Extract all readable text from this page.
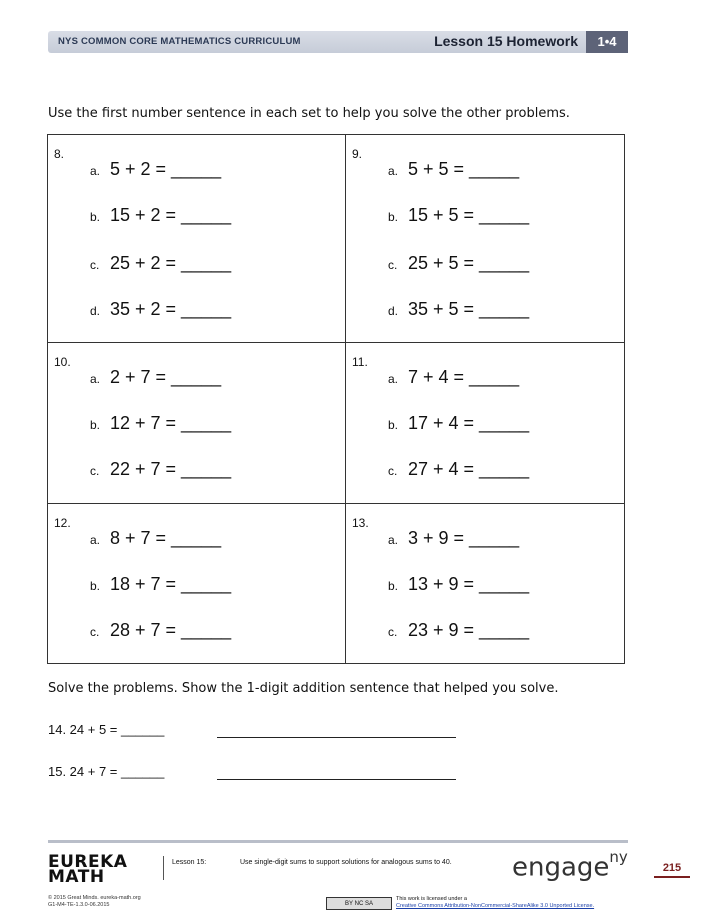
NYS COMMON CORE MATHEMATICS CURRICULUM	Lesson 15 Homework	1•4
Use the first number sentence in each set to help you solve the other problems.
8.
a. 5 + 2 = _____
b. 15 + 2 = _____
c. 25 + 2 = _____
d. 35 + 2 = _____
9.
a. 5 + 5 = _____
b. 15 + 5 = _____
c. 25 + 5 = _____
d. 35 + 5 = _____
10.
a. 2 + 7 = _____
b. 12 + 7 = _____
c. 22 + 7 = _____
11.
a. 7 + 4 = _____
b. 17 + 4 = _____
c. 27 + 4 = _____
12.
a. 8 + 7 = _____
b. 18 + 7 = _____
c. 28 + 7 = _____
13.
a. 3 + 9 = _____
b. 13 + 9 = _____
c. 23 + 9 = _____
Solve the problems. Show the 1-digit addition sentence that helped you solve.
14. 24 + 5 = ______
15. 24 + 7 = ______
EUREKA
MATH
Lesson 15:	Use single-digit sums to support solutions for analogous sums to 40. engage$^{ny}$
215
© 2015 Great Minds. eureka-math.org
G1-M4-TE-1.3.0-06.2015	BY NC SA
This work is licensed under a
Creative Commons Attribution-NonCommercial-ShareAlike 3.0 Unported License.
